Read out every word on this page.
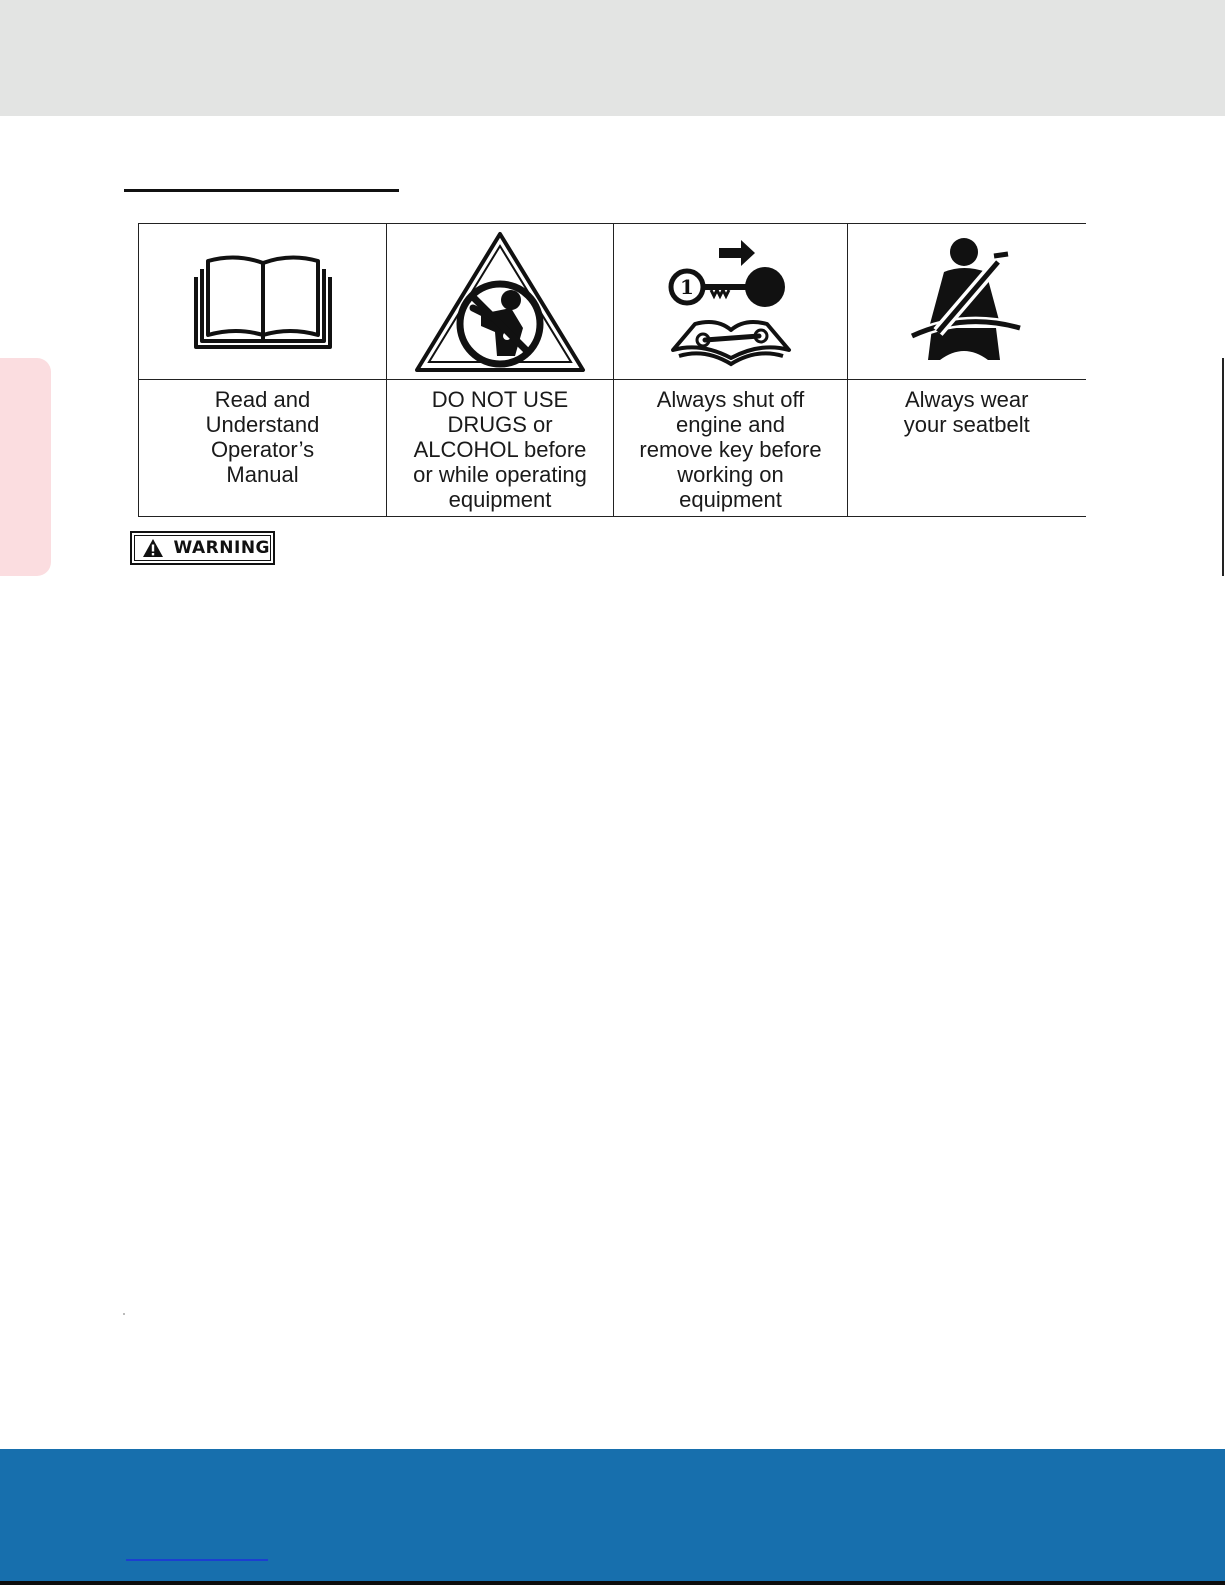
1

Read and
Understand
Operator’s
Manual	DO NOT USE
DRUGS or
ALCOHOL before
or while operating
equipment	Always shut off
engine and
remove key before
working on
equipment	Always wear
your seatbelt
WARNING
